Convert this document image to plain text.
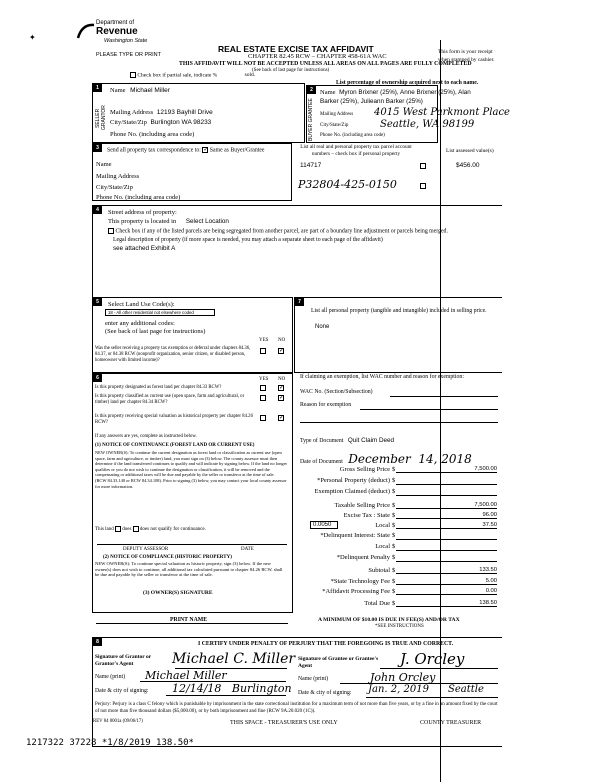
Department of
Revenue
Washington State
✦
PLEASE TYPE OR PRINT
REAL ESTATE EXCISE TAX AFFIDAVIT
CHAPTER 82.45 RCW – CHAPTER 458-61A WAC
THIS AFFIDAVIT WILL NOT BE ACCEPTED UNLESS ALL AREAS ON ALL PAGES ARE FULLY COMPLETED
(See back of last page for instructions)
Check box if partial sale, indicate %	sold.
This form is your receipt when stamped by cashier.
1
SELLER GRANTOR
Name Michael Miller
Mailing Address 12193 Bayhill Drive
City/State/Zip Burlington WA 98233
Phone No. (including area code)
List percentage of ownership acquired next to each name.
2
BUYER GRANTEE
Name Myron Brixner (25%), Anne Brixner (25%), Alan
Barker (25%), Julieann Barker (25%)
Mailing Address
City/State/Zip
Phone No. (including area code)
4015 West Parkmont Place
Seattle, WA 98199
3	Send all property tax correspondence to: ✓ Same as Buyer/Grantee
Name
Mailing Address
City/State/Zip
Phone No. (including area code)
List all real and personal property tax parcel account numbers – check box if personal property	List assessed value(s)
114717	$456.00
P32804-425-0150
4	Street address of property:
This property is located in Select Location
Check box if any of the listed parcels are being segregated from another parcel, are part of a boundary line adjustment or parcels being merged.
Legal description of property (if more space is needed, you may attach a separate sheet to each page of the affidavit)
see attached Exhibit A
5	Select Land Use Code(s):
18 - All other residential not elsewhere coded
enter any additional codes:
(See back of last page for instructions)
YES NO
Was the seller receiving a property tax exemption or deferral under chapters 84.36, 84.37, or 84.38 RCW (nonprofit organization, senior citizen, or disabled person, homeowner with limited income)?
✓
7
List all personal property (tangible and intangible) included in selling price.
None
6	YES NO
Is this property designated as forest land per chapter 84.33 RCW?	✓
Is this property classified as current use (open space, farm and agricultural, or timber) land per chapter 84.34 RCW?
✓
Is this property receiving special valuation as historical property per chapter 84.26 RCW?
✓
If any answers are yes, complete as instructed below.
(1) NOTICE OF CONTINUANCE (FOREST LAND OR CURRENT USE)
NEW OWNER(S): To continue the current designation as forest land or classification as current use (open space, farm and agriculture, or timber) land, you must sign on (3) below. The county assessor must then determine if the land transferred continues to qualify and will indicate by signing below. If the land no longer qualifies or you do not wish to continue the designation or classification, it will be removed and the compensating or additional taxes will be due and payable by the seller or transferor at the time of sale. (RCW 84.33.140 or RCW 84.34.108). Prior to signing (3) below, you may contact your local county assessor for more information.
This land does does not qualify for continuance.
DEPUTY ASSESSOR	DATE
(2) NOTICE OF COMPLIANCE (HISTORIC PROPERTY)
NEW OWNER(S): To continue special valuation as historic property, sign (3) below. If the new owner(s) does not wish to continue, all additional tax calculated pursuant to chapter 84.26 RCW, shall be due and payable by the seller or transferor at the time of sale.
(3) OWNER(S) SIGNATURE
PRINT NAME
If claiming an exemption, list WAC number and reason for exemption:
WAC No. (Section/Subsection)
Reason for exemption
Type of Document Quit Claim Deed
Date of Document December  14, 2018
Gross Selling Price $	7,500.00
*Personal Property (deduct) $
Exemption Claimed (deduct) $
Taxable Selling Price $	7,500.00
Excise Tax : State $	96.00
0.0050	Local $	37.50
*Delinquent Interest: State $
Local $
*Delinquent Penalty $
Subtotal $	133.50
*State Technology Fee $	5.00
*Affidavit Processing Fee $	0.00
Total Due $	138.50
A MINIMUM OF $10.00 IS DUE IN FEE(S) AND/OR TAX
*SEE INSTRUCTIONS
8	I CERTIFY UNDER PENALTY OF PERJURY THAT THE FOREGOING IS TRUE AND CORRECT.
Signature of Grantor or Grantor's Agent	Michael C. Miller Signature of Grantee or Grantee's Agent	J. Orcley
Name (print) Michael Miller	Name (print)	John Orcley
Date & city of signing: 12/14/18   Burlington Date & city of signing: Jan. 2, 2019      Seattle
Perjury: Perjury is a class C felony which is punishable by imprisonment in the state correctional institution for a maximum term of not more than five years, or by a fine in an amount fixed by the court of not more than five thousand dollars ($5,000.00), or by both imprisonment and fine (RCW 9A.20.020 (1C)).
REV 84 0001a (09/06/17)	THIS SPACE - TREASURER'S USE ONLY	COUNTY TREASURER
1217322 37228 *1/8/2019 138.50*
